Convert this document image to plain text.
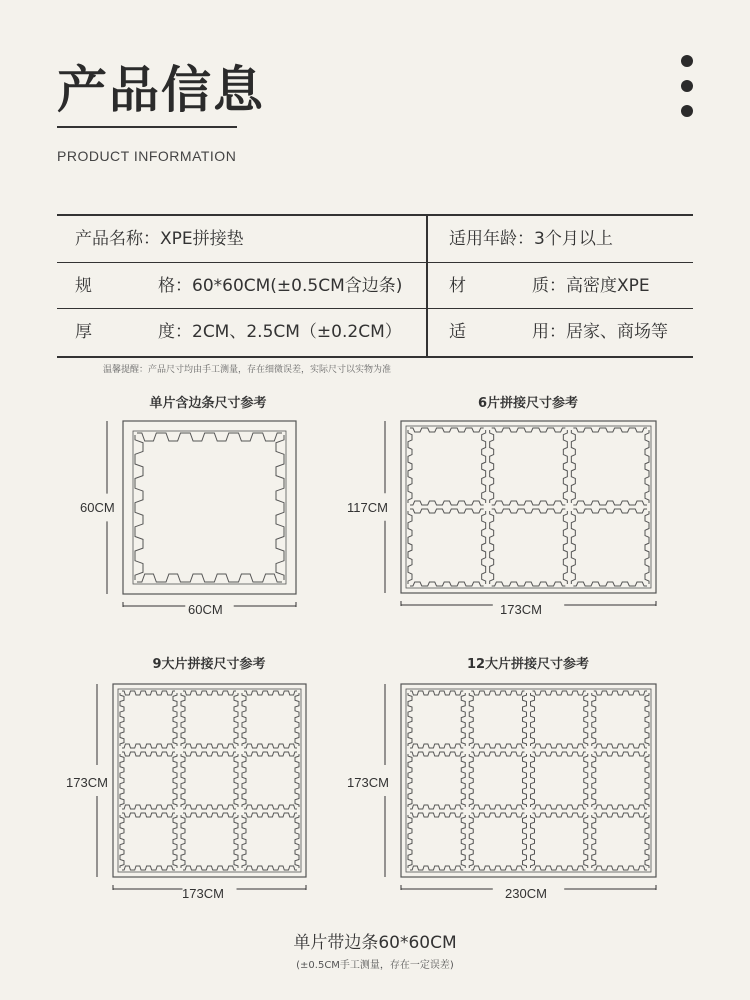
产品信息
PRODUCT INFORMATION
产品名称：XPE拼接垫	适用年龄：3个月以上
规	格 ：60*60CM(±0.5CM含边条)	材	质 ：高密度XPE
厚	度 ：2CM、2.5CM（±0.2CM）	适	用 ：居家、商场等
温馨提醒：产品尺寸均由手工测量，存在细微误差，实际尺寸以实物为准
单片含边条尺寸参考
60CM
60CM
6片拼接尺寸参考
117CM
173CM
9大片拼接尺寸参考
173CM
173CM
12大片拼接尺寸参考
173CM
230CM
单片带边条60*60CM
(±0.5CM手工测量，存在一定误差)
